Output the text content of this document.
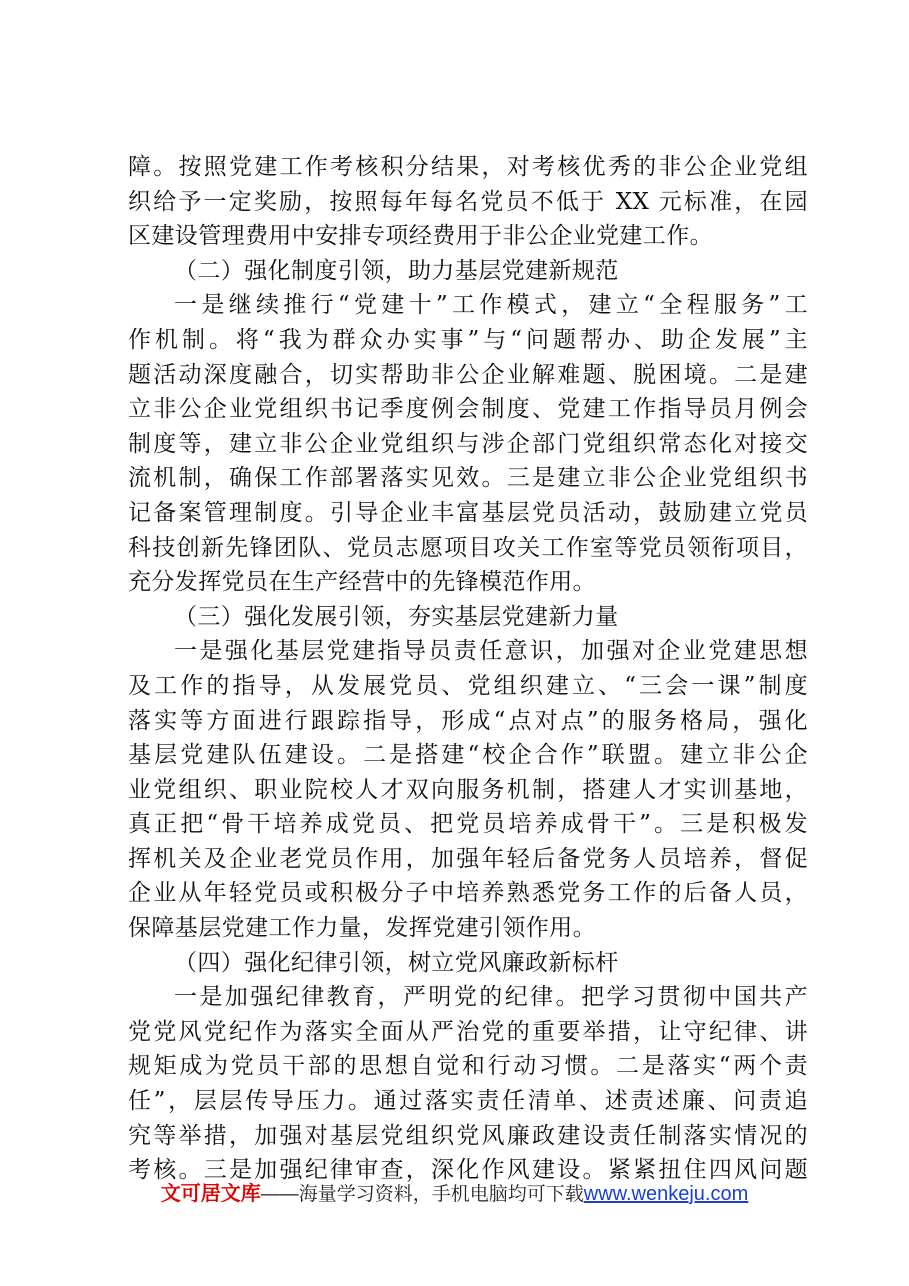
障。按照党建工作考核积分结果，对考核优秀的非公企业党组
织给予一定奖励，按照每年每名党员不低于 XX 元标准，在园
区建设管理费用中安排专项经费用于非公企业党建工作。
（二）强化制度引领，助力基层党建新规范
一是继续推行“党建十”工作模式，建立“全程服务”工
作机制。将“我为群众办实事”与“问题帮办、助企发展”主
题活动深度融合，切实帮助非公企业解难题、脱困境。二是建
立非公企业党组织书记季度例会制度、党建工作指导员月例会
制度等，建立非公企业党组织与涉企部门党组织常态化对接交
流机制，确保工作部署落实见效。三是建立非公企业党组织书
记备案管理制度。引导企业丰富基层党员活动，鼓励建立党员
科技创新先锋团队、党员志愿项目攻关工作室等党员领衔项目，
充分发挥党员在生产经营中的先锋模范作用。
（三）强化发展引领，夯实基层党建新力量
一是强化基层党建指导员责任意识，加强对企业党建思想
及工作的指导，从发展党员、党组织建立、“三会一课”制度
落实等方面进行跟踪指导，形成“点对点”的服务格局，强化
基层党建队伍建设。二是搭建“校企合作”联盟。建立非公企
业党组织、职业院校人才双向服务机制，搭建人才实训基地，
真正把“骨干培养成党员、把党员培养成骨干”。三是积极发
挥机关及企业老党员作用，加强年轻后备党务人员培养，督促
企业从年轻党员或积极分子中培养熟悉党务工作的后备人员，
保障基层党建工作力量，发挥党建引领作用。
（四）强化纪律引领，树立党风廉政新标杆
一是加强纪律教育，严明党的纪律。把学习贯彻中国共产
党党风党纪作为落实全面从严治党的重要举措，让守纪律、讲
规矩成为党员干部的思想自觉和行动习惯。二是落实“两个责
任”，层层传导压力。通过落实责任清单、述责述廉、问责追
究等举措，加强对基层党组织党风廉政建设责任制落实情况的
考核。三是加强纪律审查，深化作风建设。紧紧扭住四风问题
文可居文库——海量学习资料，手机电脑均可下载www.wenkeju.com
